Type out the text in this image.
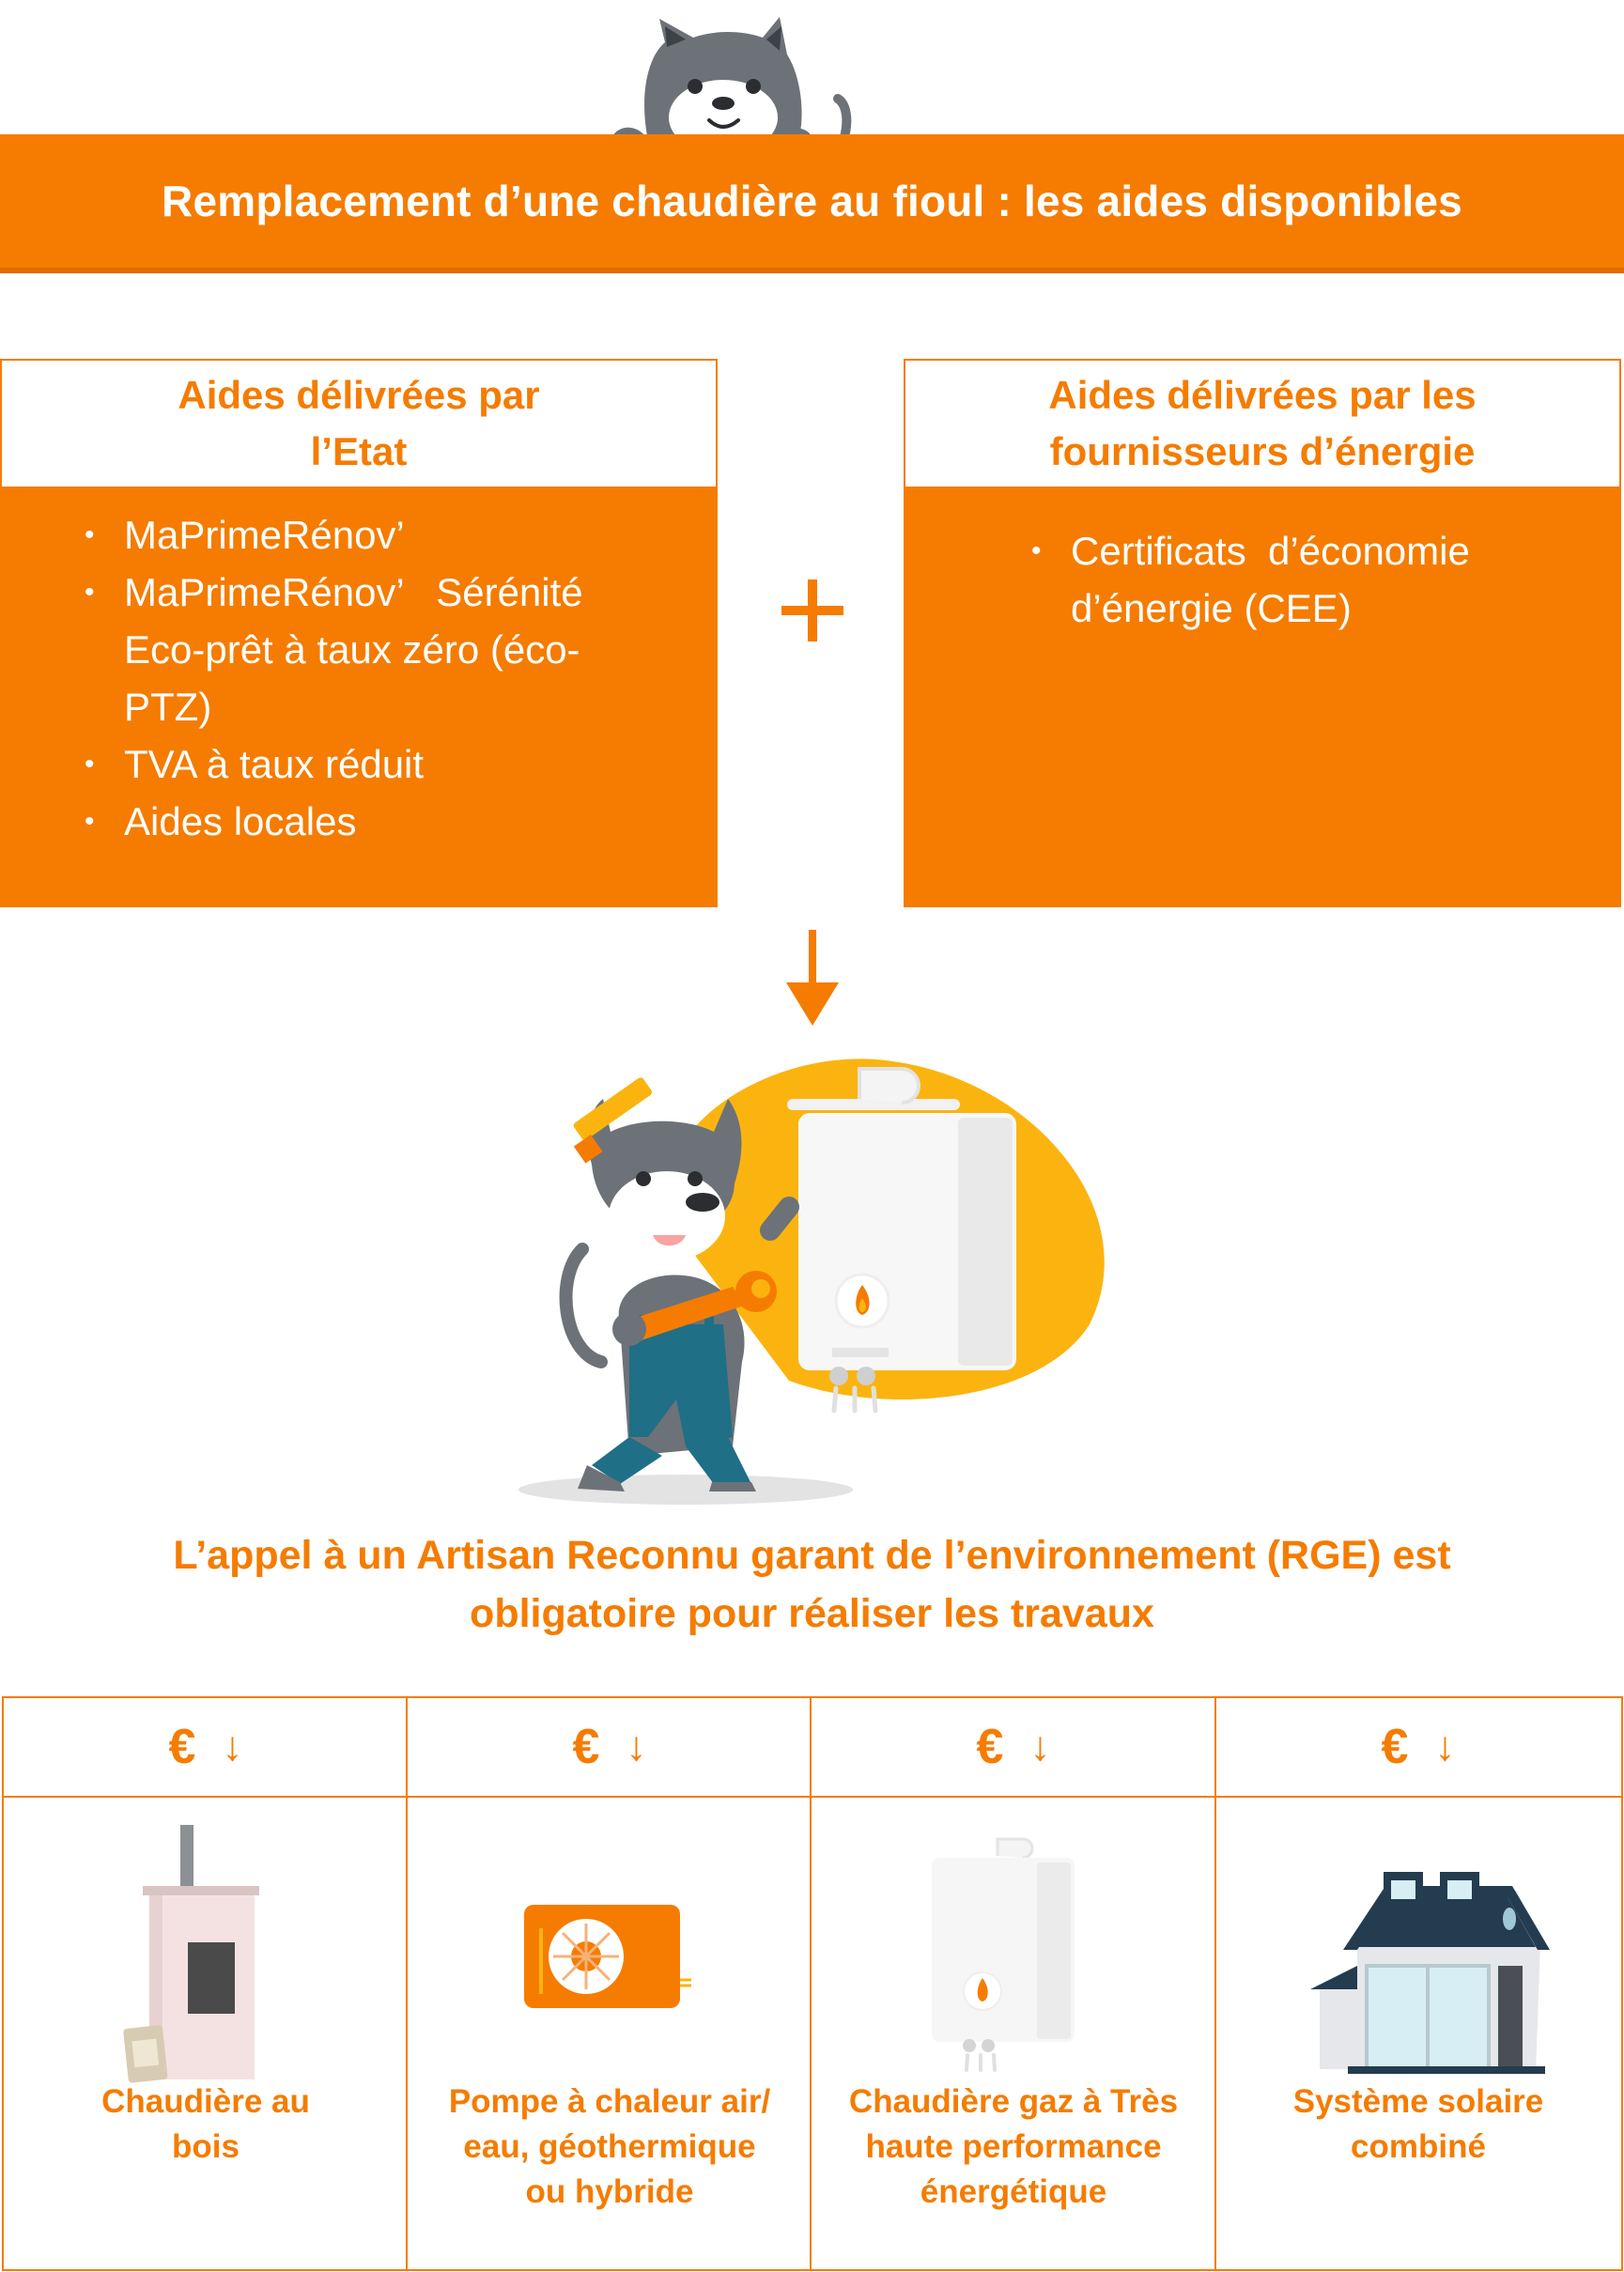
Remplacement d’une chaudière au fioul : les aides disponibles
Aides délivrées par
l’Etat
• MaPrimeRénov’
• MaPrimeRénov’   Sérénité
Eco-prêt à taux zéro (éco-
PTZ)
• TVA à taux réduit
• Aides locales
Aides délivrées par les
fournisseurs d’énergie
• Certificats  d’économie
d’énergie (CEE)
L’appel à un Artisan Reconnu garant de l’environnement (RGE) est
obligatoire pour réaliser les travaux
€ ↓
Chaudière au
bois
€ ↓
Pompe à chaleur air/
eau, géothermique
ou hybride
€ ↓
Chaudière gaz à Très
haute performance
énergétique
€ ↓
Système solaire
combiné
